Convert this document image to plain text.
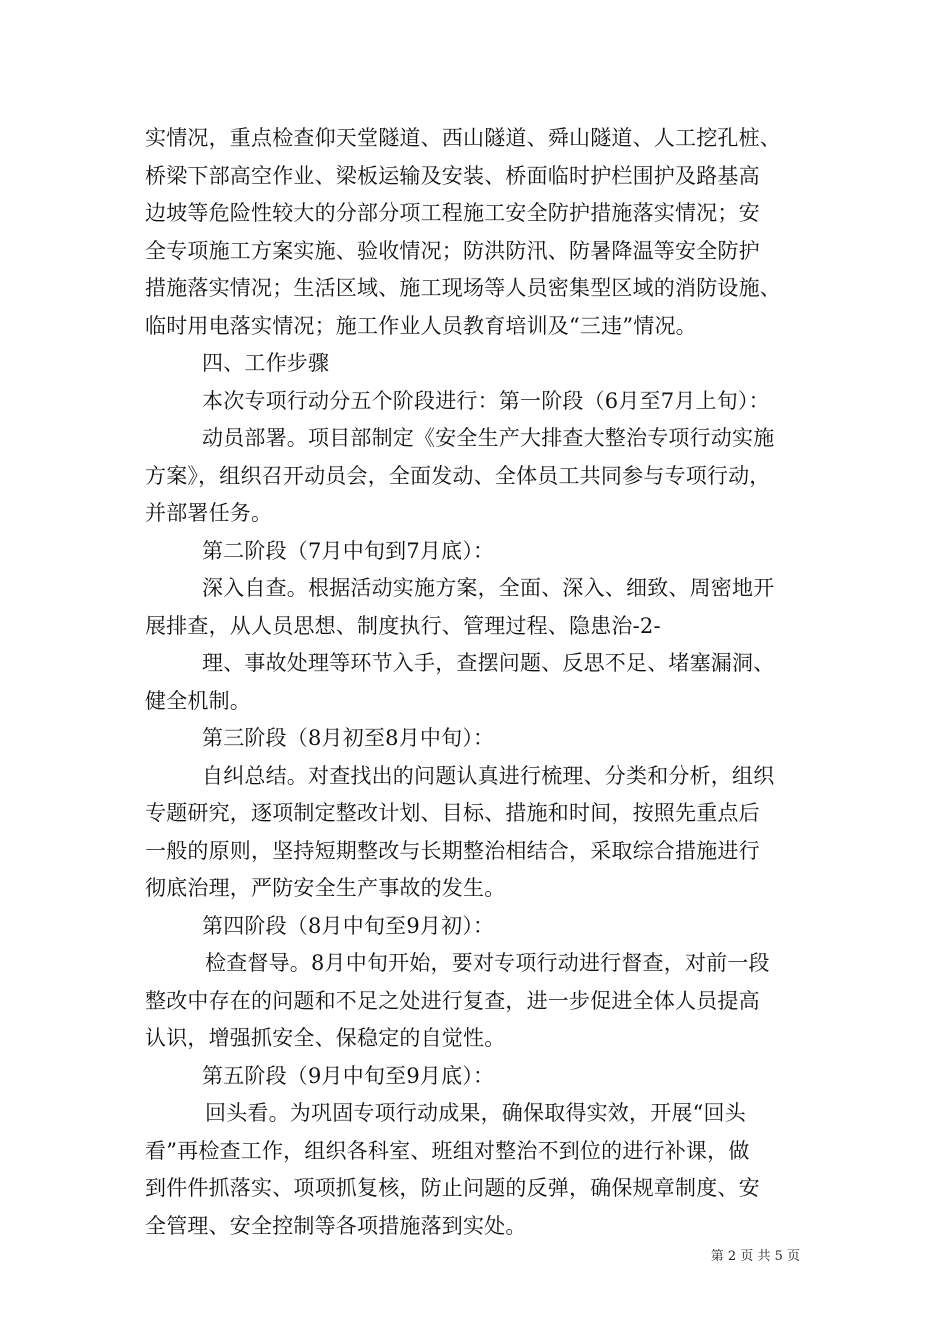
实情况，重点检查仰天堂隧道、西山隧道、舜山隧道、人工挖孔桩、
桥梁下部高空作业、梁板运输及安装、桥面临时护栏围护及路基高
边坡等危险性较大的分部分项工程施工安全防护措施落实情况；安
全专项施工方案实施、验收情况；防洪防汛、防暑降温等安全防护
措施落实情况；生活区域、施工现场等人员密集型区域的消防设施、
临时用电落实情况；施工作业人员教育培训及“三违”情况。
四、工作步骤
本次专项行动分五个阶段进行：第一阶段（6月至7月上旬）：
动员部署。项目部制定《安全生产大排查大整治专项行动实施
方案》，组织召开动员会，全面发动、全体员工共同参与专项行动，
并部署任务。
第二阶段（7月中旬到7月底）：
深入自查。根据活动实施方案，全面、深入、细致、周密地开
展排查，从人员思想、制度执行、管理过程、隐患治-2-
理、事故处理等环节入手，查摆问题、反思不足、堵塞漏洞、
健全机制。
第三阶段（8月初至8月中旬）：
自纠总结。对查找出的问题认真进行梳理、分类和分析，组织
专题研究，逐项制定整改计划、目标、措施和时间，按照先重点后
一般的原则，坚持短期整改与长期整治相结合，采取综合措施进行
彻底治理，严防安全生产事故的发生。
第四阶段（8月中旬至9月初）：
检查督导。8月中旬开始，要对专项行动进行督查，对前一段
整改中存在的问题和不足之处进行复查，进一步促进全体人员提高
认识，增强抓安全、保稳定的自觉性。
第五阶段（9月中旬至9月底）：
回头看。为巩固专项行动成果，确保取得实效，开展“回头
看”再检查工作，组织各科室、班组对整治不到位的进行补课，做
到件件抓落实、项项抓复核，防止问题的反弹，确保规章制度、安
全管理、安全控制等各项措施落到实处。
第 2 页 共 5 页
